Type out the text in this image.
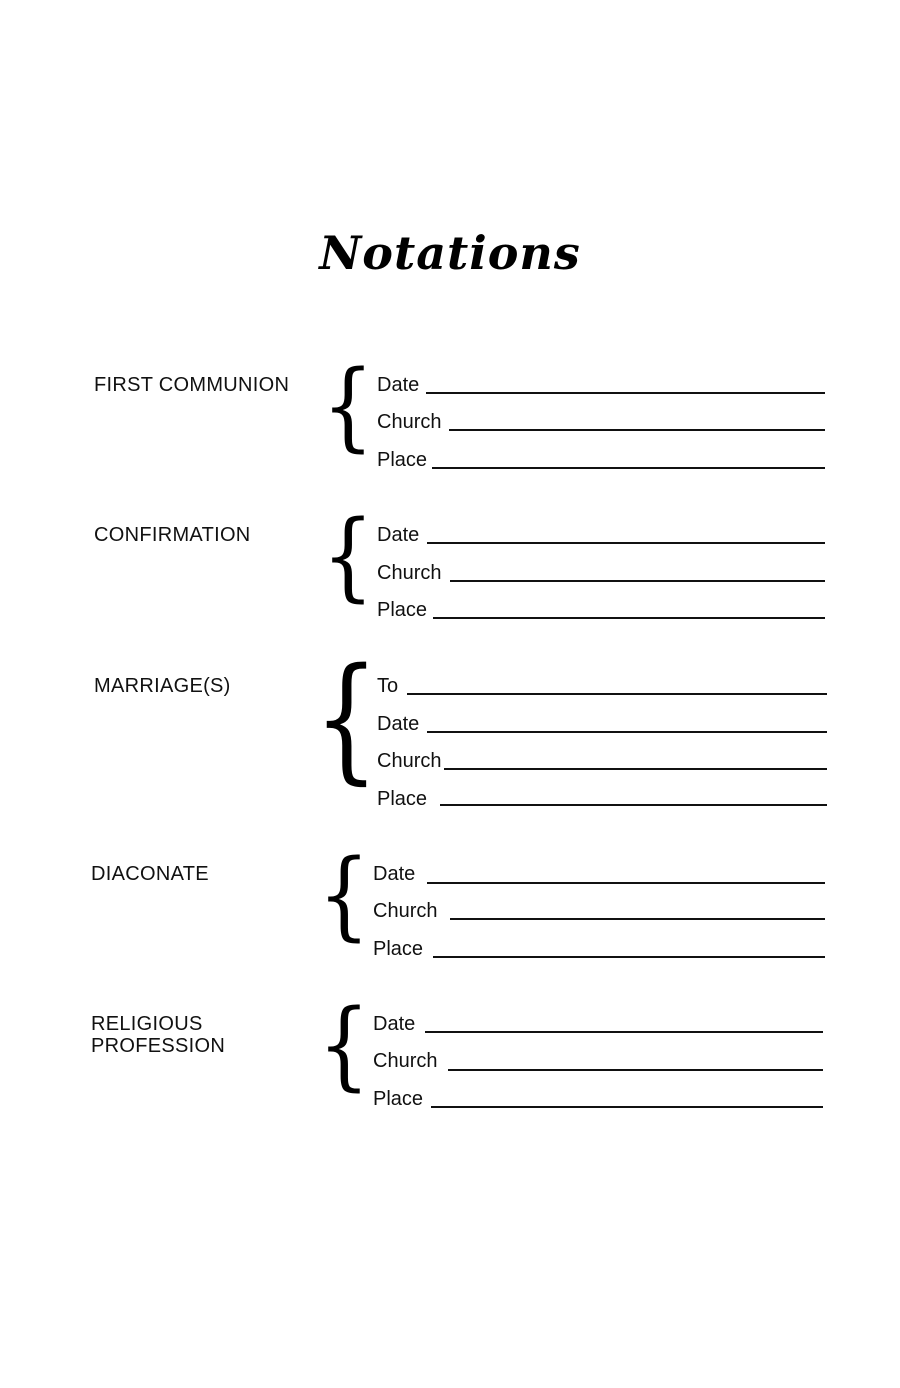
Notations
FIRST COMMUNION { Date
Church
Place
CONFIRMATION { Date
Church
Place
MARRIAGE(S) {
To
Date
Church
Place
DIACONATE { Date
Church
Place
RELIGIOUS
PROFESSION { Date
Church
Place
